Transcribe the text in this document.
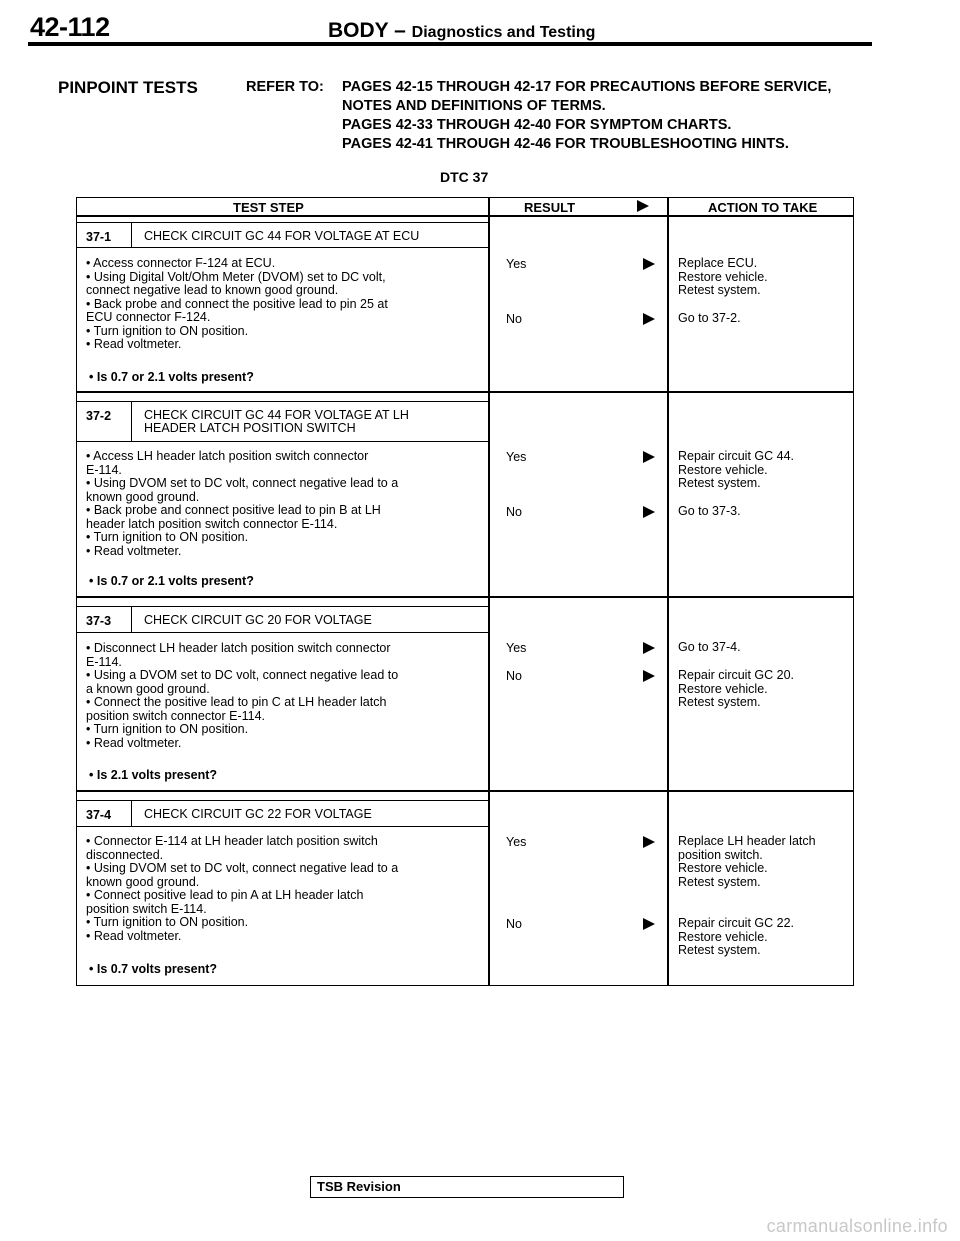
42-112	BODY – Diagnostics and Testing
PINPOINT TESTS	REFER TO: PAGES 42-15 THROUGH 42-17 FOR PRECAUTIONS BEFORE SERVICE,
NOTES AND DEFINITIONS OF TERMS.
PAGES 42-33 THROUGH 42-40 FOR SYMPTOM CHARTS.
PAGES 42-41 THROUGH 42-46 FOR TROUBLESHOOTING HINTS.
DTC 37
TEST STEP	RESULT	ACTION TO TAKE
37-1	CHECK CIRCUIT GC 44 FOR VOLTAGE AT ECU
• Access connector F-124 at ECU.
• Using Digital Volt/Ohm Meter (DVOM) set to DC volt,
connect negative lead to known good ground.
• Back probe and connect the positive lead to pin 25 at
ECU connector F-124.
• Turn ignition to ON position.
• Read voltmeter.
• Is 0.7 or 2.1 volts present?
Yes	Replace ECU.
Restore vehicle.
Retest system.
No	Go to 37-2.
37-2	CHECK CIRCUIT GC 44 FOR VOLTAGE AT LH
HEADER LATCH POSITION SWITCH
• Access LH header latch position switch connector
E-114.
• Using DVOM set to DC volt, connect negative lead to a
known good ground.
• Back probe and connect positive lead to pin B at LH
header latch position switch connector E-114.
• Turn ignition to ON position.
• Read voltmeter.
• Is 0.7 or 2.1 volts present?
Yes	Repair circuit GC 44.
Restore vehicle.
Retest system.
No	Go to 37-3.
37-3	CHECK CIRCUIT GC 20 FOR VOLTAGE
• Disconnect LH header latch position switch connector
E-114.
• Using a DVOM set to DC volt, connect negative lead to
a known good ground.
• Connect the positive lead to pin C at LH header latch
position switch connector E-114.
• Turn ignition to ON position.
• Read voltmeter.
• Is 2.1 volts present?
Yes	Go to 37-4.
No	Repair circuit GC 20.
Restore vehicle.
Retest system.
37-4	CHECK CIRCUIT GC 22 FOR VOLTAGE
• Connector E-114 at LH header latch position switch
disconnected.
• Using DVOM set to DC volt, connect negative lead to a
known good ground.
• Connect positive lead to pin A at LH header latch
position switch E-114.
• Turn ignition to ON position.
• Read voltmeter.
• Is 0.7 volts present?
Yes	Replace LH header latch
position switch.
Restore vehicle.
Retest system.
No	Repair circuit GC 22.
Restore vehicle.
Retest system.
TSB Revision
carmanualsonline.info
